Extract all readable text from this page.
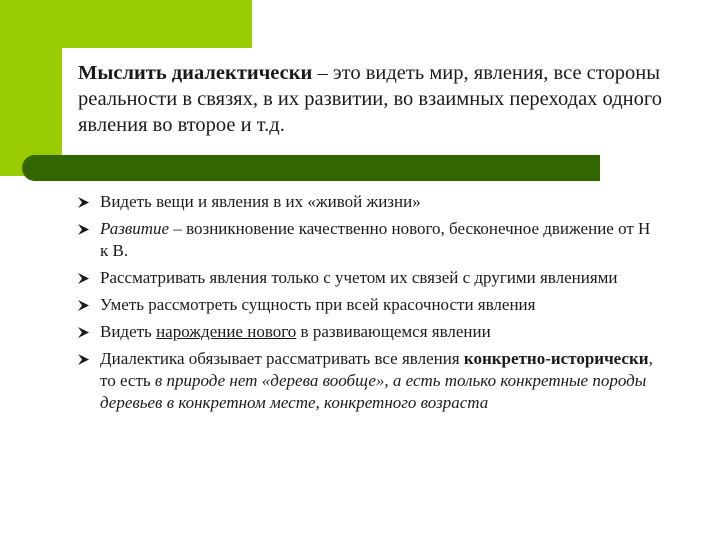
Мыслить диалектически – это видеть мир, явления, все стороны реальности в связях, в их развитии, во взаимных переходах одного явления во второе и т.д.

Видеть вещи и явления в их «живой жизни»
Развитие – возникновение качественно нового, бесконечное движение от Н к В.
Рассматривать явления только с учетом их связей с другими явлениями
Уметь рассмотреть сущность при всей красочности явления
Видеть нарождение нового в развивающемся явлении
Диалектика обязывает рассматривать все явления конкретно-исторически, то есть в природе нет «дерева вообще», а есть только конкретные породы деревьев в конкретном месте, конкретного возраста
